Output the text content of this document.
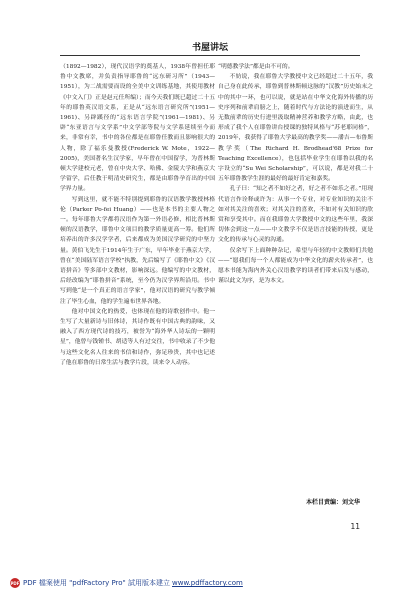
书屋讲坛

（1892—1982），现代汉语学的奠基人，1938年曾担任耶鲁中文教席，并负责指导耶鲁的“远东研习所”（1943—1951），为二战需要而设的全美中文训练基地，其使用教材《中文入门》正是赵元任所编）；而今天我们既已超过二十五年的耶鲁英汉语文系，正是从“远东语言研究所”(1951—1961)、另辟蹊径的“远东语言学院”(1961—1981)、另辟“东亚语言与文学系”中文学部等院与文学系延续至今而来，非常有幸，书中的各位都是在耶鲁任教而且影响很大的人物，除了福乐曼教授(Frederick W. Mote，1922—2005)，美国著名生汉学家，早年曾在中国留学，为普林斯顿大学建校元老，曾在中央大学、哈佛、金陵大学和燕京大学留学，后任教于明清史研究生，都是由耶鲁孕育出的中国学界力量。

写到这里，就不能不特别提到耶鲁的汉语教学教授林格伦（Parker Po-fei Huang）——也是本书的主要人物之一。每年耶鲁大学都将汉语作为第一外语必修，相比普林斯顿的汉语教学，耶鲁中文项目的教学质量更高一筹。他们所培养出的许多汉学学者，后来都成为美国汉学研究的中坚力量。黄伯飞先生于1914年生于广东，早年毕业于燕京大学，曾在“美国陆军语言学校”执教，先后编写了《耶鲁中文》《汉语拼音》等多部中文教材，影响深远。他编写的中文教材，后经改编为“耶鲁拼音”系统，至今仍为汉学界所沿用。书中写到他“是一个真正的语言学家”，他对汉语的研究与教学倾注了毕生心血，他的学生遍布世界各地。

他对中国文化的热爱，也体现在他的诗歌创作中。他一生写了大量新诗与旧体诗，其诗作既有中国古典的韵味，又融入了西方现代诗的技巧，被誉为“海外华人诗坛的一颗明星”，他曾与钱锺书、胡适等人有过交往，书中收录了不少他与这些文化名人往来的书信和诗作，弥足珍贵，其中也记述了他在耶鲁的日常生活与教学片段，读来令人动容。

“明德教学法”都是由不可的。

不妨说，我在耶鲁大学教授中文已经超过二十五年，我自己身在此传承，耶鲁到普林斯顿这脉的“汉教”历史始末之中的其中一环，也可以说，就是站在中华文化海外传播的历史序列和前辈肩膀之上，随着时代与方法论的演进而生，从无数前辈的历史行进里汲取精神营养和教学方略，由此，也形成了我个人在耶鲁讲台授课的独特风格与“苏老耶同格”，2019年，我获得了耶鲁大学最高的教学奖——潘吉—布鲁斯教学奖（The Richard H. Brodhead'68 Prize for Teaching Excellence），也包括毕业学生在耶鲁以我的名字设立的“Su Wei Scholarship”，可以说，都是对我二十五年耶鲁教学生涯的最好的最好肯定和嘉奖。

孔子曰：“知之者不如好之者，好之者不如乐之者。”用现代语言作诠释或许为：从事一个专业，对专业知识的关注不如对其关注的喜欢；对其关注的喜欢，不如对有关知识的欣赏和享受其中。而在我耶鲁大学教授中文的这些年里，我深切体会到这一点——中文教学不仅是语言技能的传授，更是文化的传承与心灵的沟通。

仅余写下上面种种杂记，希望与年轻的中文教师们共勉——“愿我们每一个人都能成为中华文化的薪火传承者”，也愿本书能为海内外关心汉语教学的读者们带来启发与感动，谨以此文为序，是为本文。

本栏目责编：刘文华
11
PDF PDF 檔案使用 "pdfFactory Pro" 試用版本建立 www.pdffactory.com
